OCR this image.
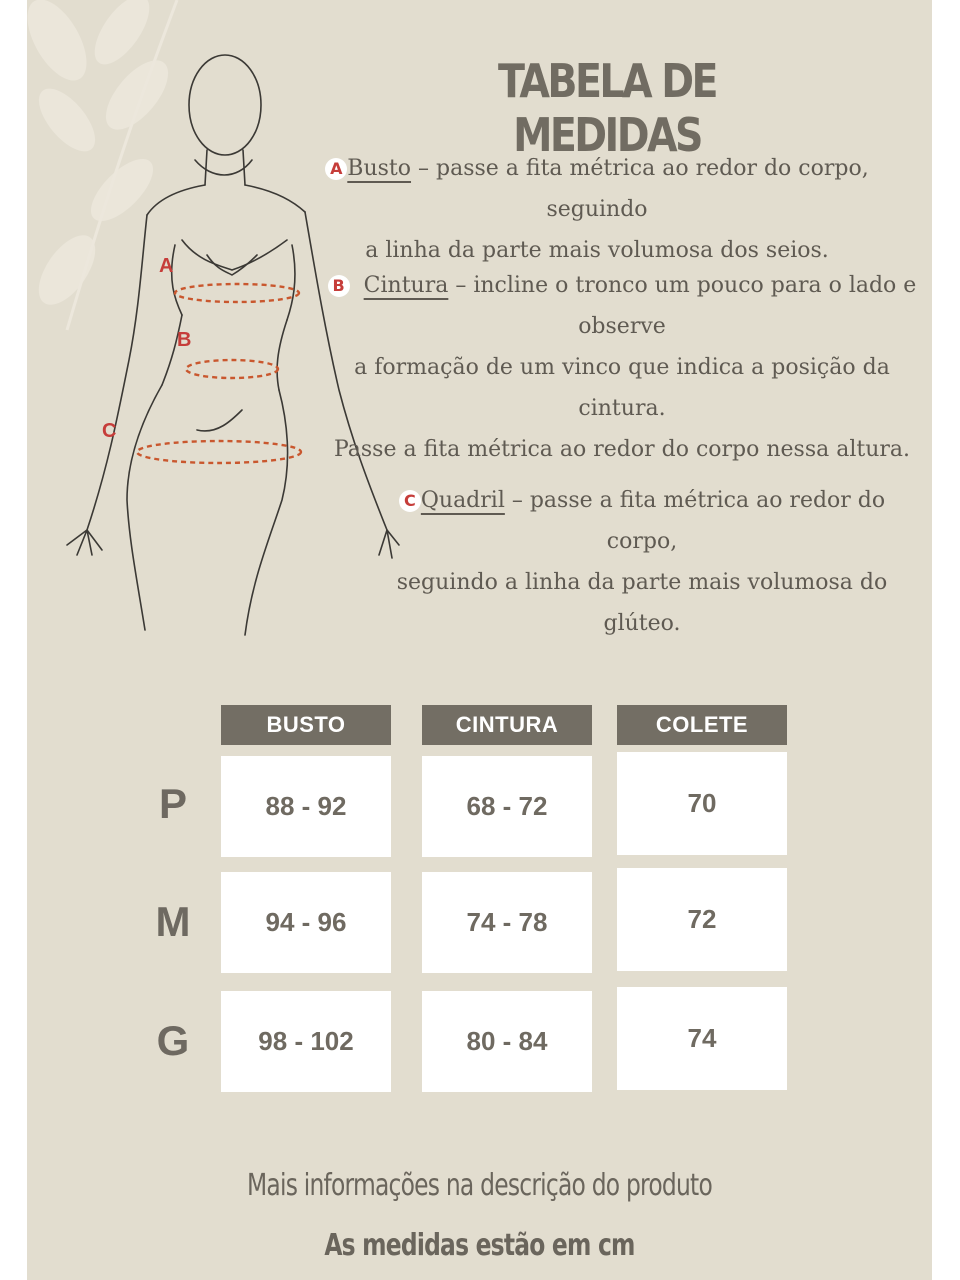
A
B
C
TABELA DE MEDIDAS
A Busto – passe a fita métrica ao redor do corpo, seguindo
a linha da parte mais volumosa dos seios.
B Cintura – incline o tronco um pouco para o lado e
observe
a formação de um vinco que indica a posição da cintura.
Passe a fita métrica ao redor do corpo nessa altura.
C Quadril – passe a fita métrica ao redor do corpo,
seguindo a linha da parte mais volumosa do
glúteo.
BUSTO	CINTURA	COLETE
P	88 - 92	68 - 72	70
M	94 - 96	74 - 78	72
G	98 - 102	80 - 84	74
Mais informações na descrição do produto
As medidas estão em cm
